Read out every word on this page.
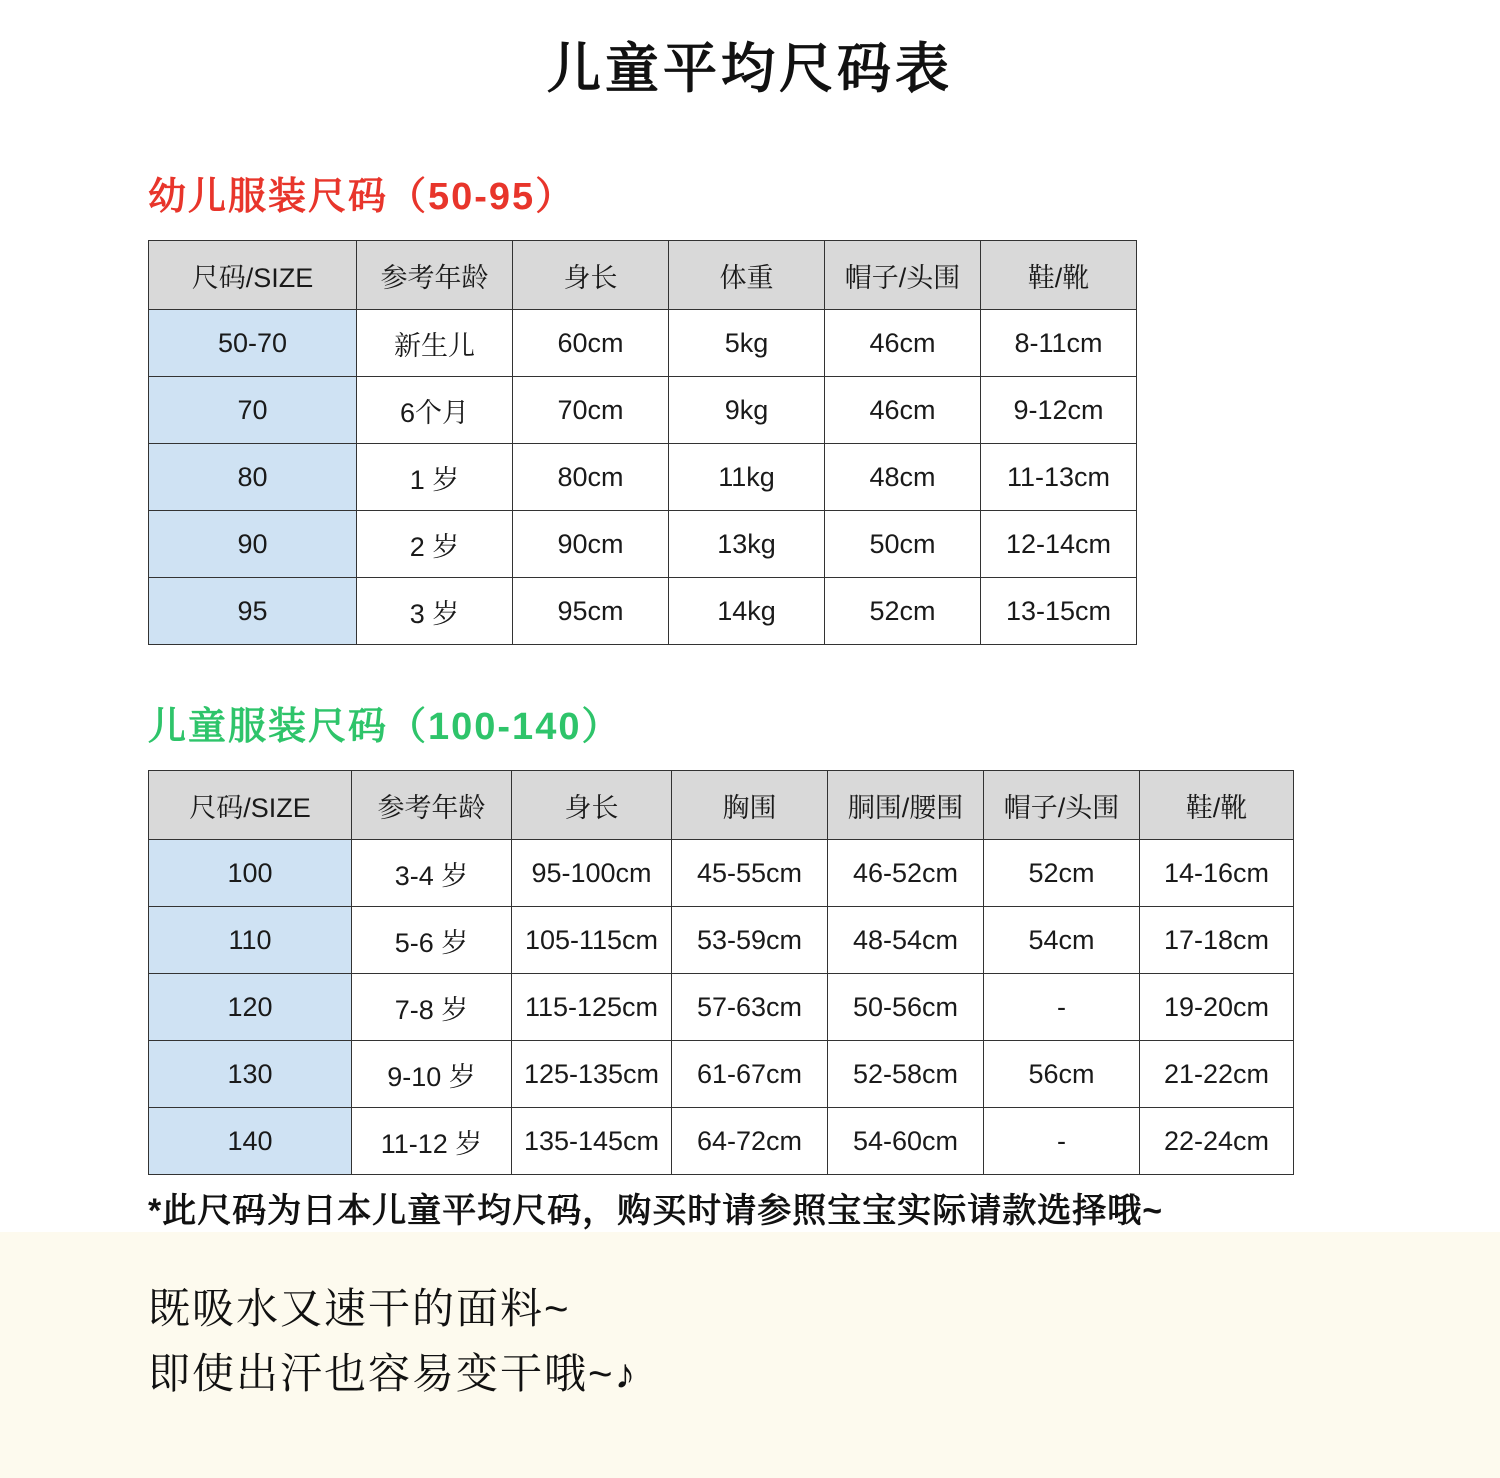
儿童平均尺码表
幼儿服装尺码（50-95）
尺码/SIZE	参考年龄	身长	体重	帽子/头围	鞋/靴
50-70	新生儿	60cm	5kg	46cm	8-11cm
70	6个月	70cm	9kg	46cm	9-12cm
80	1 岁	80cm	11kg	48cm	11-13cm
90	2 岁	90cm	13kg	50cm	12-14cm
95	3 岁	95cm	14kg	52cm	13-15cm
儿童服装尺码（100-140）
尺码/SIZE	参考年龄	身长	胸围	胴围/腰围	帽子/头围	鞋/靴
100	3-4 岁	95-100cm	45-55cm	46-52cm	52cm	14-16cm
110	5-6 岁	105-115cm	53-59cm	48-54cm	54cm	17-18cm
120	7-8 岁	115-125cm	57-63cm	50-56cm	-	19-20cm
130	9-10 岁	125-135cm	61-67cm	52-58cm	56cm	21-22cm
140	11-12 岁	135-145cm	64-72cm	54-60cm	-	22-24cm
*此尺码为日本儿童平均尺码，购买时请参照宝宝实际请款选择哦~
既吸水又速干的面料~
即使出汗也容易变干哦~♪
